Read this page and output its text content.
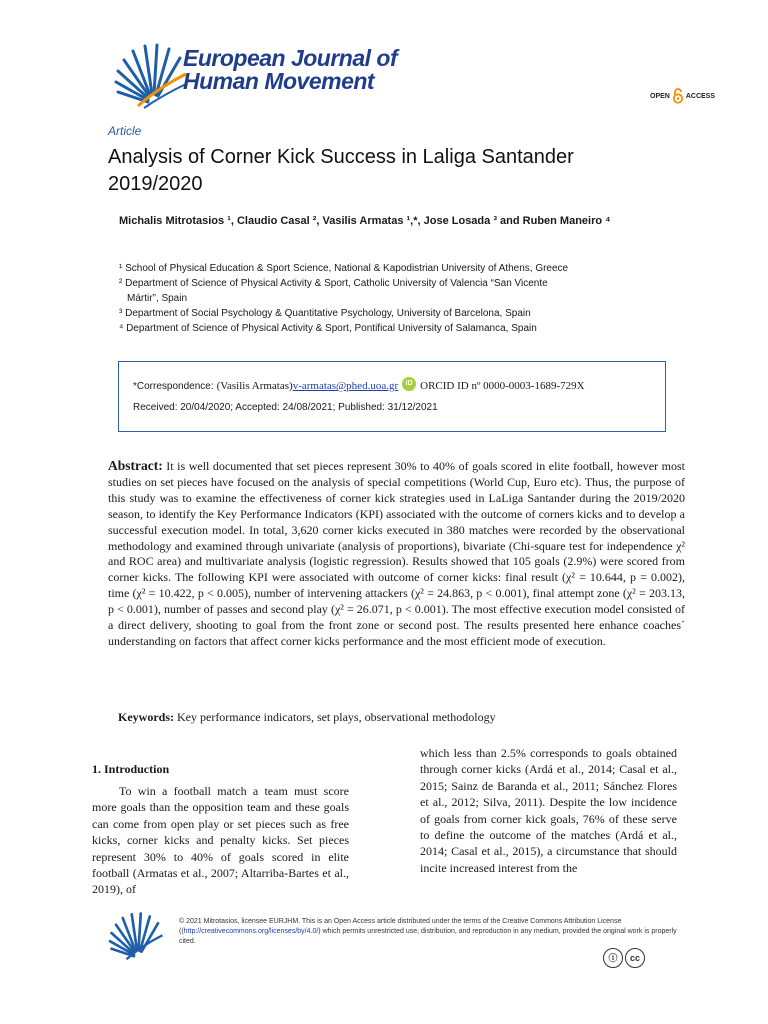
European Journal of
Human Movement
OPEN ACCESS
Article
Analysis of Corner Kick Success in Laliga Santander 2019/2020
Michalis Mitrotasios ¹, Claudio Casal ², Vasilis Armatas ¹,*, Jose Losada ³ and Ruben Maneiro ⁴
¹ School of Physical Education & Sport Science, National & Kapodistrian University of Athens, Greece
² Department of Science of Physical Activity & Sport, Catholic University of Valencia “San Vicente
Mártir”, Spain
³ Department of Social Psychology & Quantitative Psychology, University of Barcelona, Spain
⁴ Department of Science of Physical Activity & Sport, Pontifical University of Salamanca, Spain
*Correspondence: (Vasilis Armatas) v-armatas@phed.uoa.gr	iD ORCID ID nº 0000-0003-1689-729X
Received: 20/04/2020; Accepted: 24/08/2021; Published: 31/12/2021
Abstract: It is well documented that set pieces represent 30% to 40% of goals scored in elite football, however most studies on set pieces have focused on the analysis of special competitions (World Cup, Euro etc). Thus, the purpose of this study was to examine the effectiveness of corner kick strategies used in LaLiga Santander during the 2019/2020 season, to identify the Key Performance Indicators (KPI) associated with the outcome of corners kicks and to develop a successful execution model. In total, 3,620 corner kicks executed in 380 matches were recorded by the observational methodology and examined through univariate (analysis of proportions), bivariate (Chi-square test for independence χ² and ROC area) and multivariate analysis (logistic regression). Results showed that 105 goals (2.9%) were scored from corner kicks. The following KPI were associated with outcome of corner kicks: final result (χ² = 10.644, p = 0.002), time (χ² = 10.422, p < 0.005), number of intervening attackers (χ² = 24.863, p < 0.001), final attempt zone (χ² = 203.13, p < 0.001), number of passes and second play (χ² = 26.071, p < 0.001). The most effective execution model consisted of a direct delivery, shooting to goal from the front zone or second post. The results presented here enhance coaches´ understanding on factors that affect corner kicks performance and the most efficient mode of execution.
Keywords: Key performance indicators, set plays, observational methodology
1. Introduction
To win a football match a team must score more goals than the opposition team and these goals can come from open play or set pieces such as free kicks, corner kicks and penalty kicks. Set pieces represent 30% to 40% of goals scored in elite football (Armatas et al., 2007; Altarriba-Bartes et al., 2019), of
which less than 2.5% corresponds to goals obtained through corner kicks (Ardá et al., 2014; Casal et al., 2015; Sainz de Baranda et al., 2011; Sánchez Flores et al., 2012; Silva, 2011). Despite the low incidence of goals from corner kick goals, 76% of these serve to define the outcome of the matches (Ardá et al., 2014; Casal et al., 2015), a circumstance that should incite increased interest from the
© 2021 Mitrotasios, licensee EURJHM. This is an Open Access article distributed under the terms of the Creative Commons Attribution License ((http://creativecommons.org/licenses/by/4.0/) which permits unrestricted use, distribution, and reproduction in any medium, provided the original work is properly cited.
ⓘ	cc
